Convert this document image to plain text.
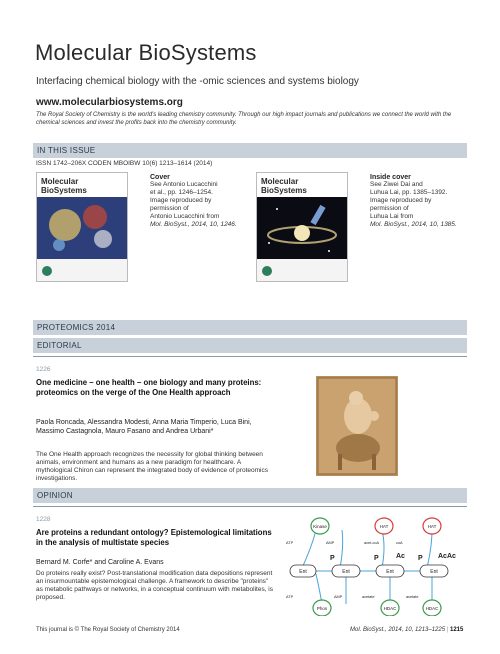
Molecular BioSystems
Interfacing chemical biology with the -omic sciences and systems biology
www.molecularbiosystems.org
The Royal Society of Chemistry is the world's leading chemistry community. Through our high impact journals and publications we connect the world with the chemical sciences and invest the profits back into the chemistry community.
IN THIS ISSUE
ISSN 1742–206X CODEN MBOIBW 10(6) 1213–1614 (2014)
Molecular
BioSystems
Cover
See Antonio Lucacchini
et al., pp. 1246–1254.
Image reproduced by
permission of
Antonio Lucacchini from
Mol. BioSyst., 2014, 10, 1246.
Molecular
BioSystems
Inside cover
See Ziwei Dai and
Luhua Lai, pp. 1385–1392.
Image reproduced by
permission of
Luhua Lai from
Mol. BioSyst., 2014, 10, 1385.
PROTEOMICS 2014
EDITORIAL
1226
One medicine – one health – one biology and many proteins: proteomics on the verge of the One Health approach
Paola Roncada, Alessandra Modesti, Anna Maria Timperio, Luca Bini, Massimo Castagnola, Mauro Fasano and Andrea Urbani*
The One Health approach recognizes the necessity for global thinking between animals, environment and humans as a new paradigm for healthcare. A mythological Chiron can represent the integrated body of evidence of proteomics investigations.
OPINION
1228
Are proteins a redundant ontology? Epistemological limitations in the analysis of multistate species
Bernard M. Corfe* and Caroline A. Evans
Do proteins really exist? Post-translational modification data depositions represent an insurmountable epistemological challenge. A framework to describe "proteins" as metabolic pathways or networks, in a conceptual continuum with metabolites, is proposed.
Kinase	HAT	HAT
Phos	HDAC	HDAC
Ent	Ent	Ent	Ent
P	P Ac P AcAc
ATP	AMP	acet-coA	coA
ATP	AMP	acetate	acetate
This journal is © The Royal Society of Chemistry 2014	Mol. BioSyst., 2014, 10, 1213–1225 | 1215
